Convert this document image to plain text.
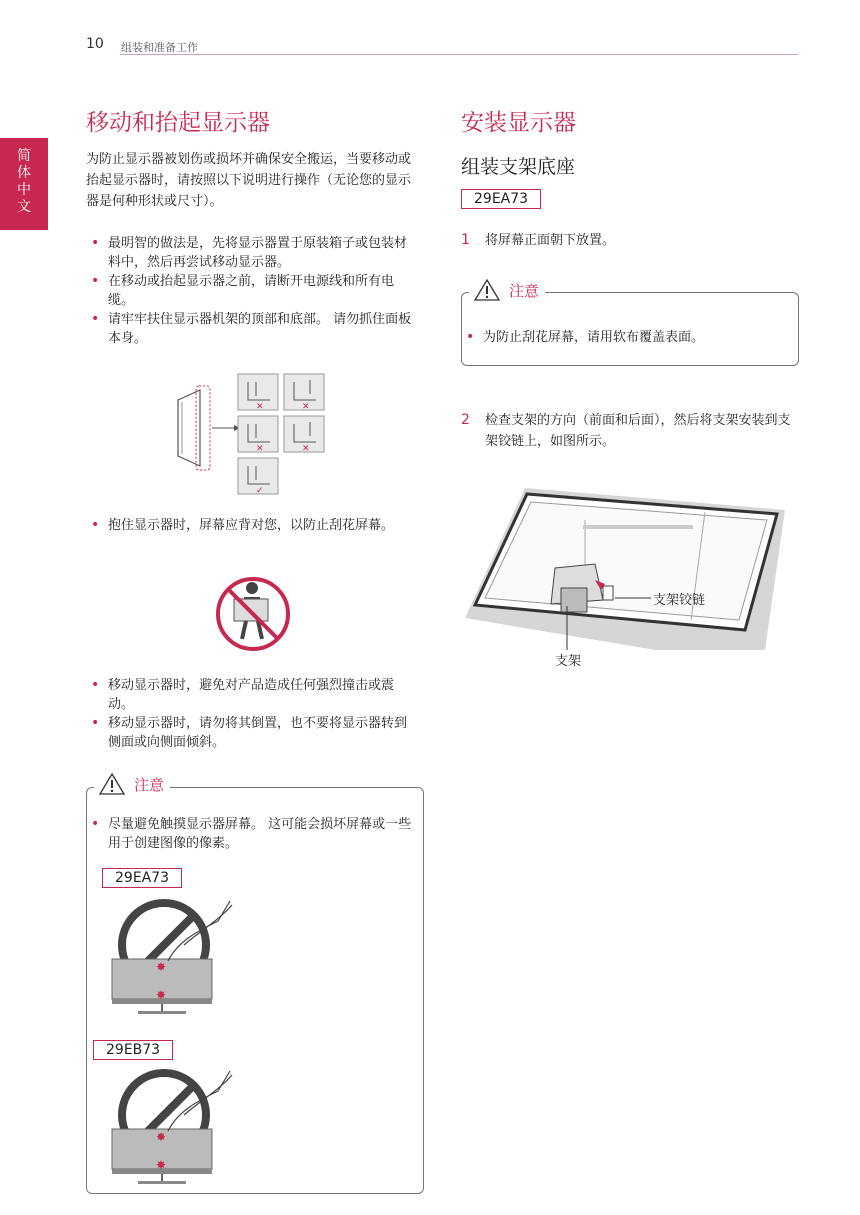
10 组装和准备工作
简体中文
移动和抬起显示器

为防止显示器被划伤或损坏并确保安全搬运，当要移动或抬起显示器时，请按照以下说明进行操作（无论您的显示器是何种形状或尺寸）。

• 最明智的做法是，先将显示器置于原装箱子或包装材料中，然后再尝试移动显示器。
• 在移动或抬起显示器之前，请断开电源线和所有电缆。
• 请牢牢扶住显示器机架的顶部和底部。 请勿抓住面板本身。
✕	✕
✕	✕
✓
• 抱住显示器时，屏幕应背对您，以防止刮花屏幕。
• 移动显示器时，避免对产品造成任何强烈撞击或震动。
• 移动显示器时，请勿将其倒置，也不要将显示器转到侧面或向侧面倾斜。
注意
• 尽量避免触摸显示器屏幕。 这可能会损坏屏幕或一些用于创建图像的像素。
29EA73
✸
✸
29EB73
✸
✸
安装显示器
组装支架底座
29EA73
1 将屏幕正面朝下放置。
注意
• 为防止刮花屏幕，请用软布覆盖表面。
2 检查支架的方向（前面和后面），然后将支架安装到支架铰链上，如图所示。
支架铰链
支架
